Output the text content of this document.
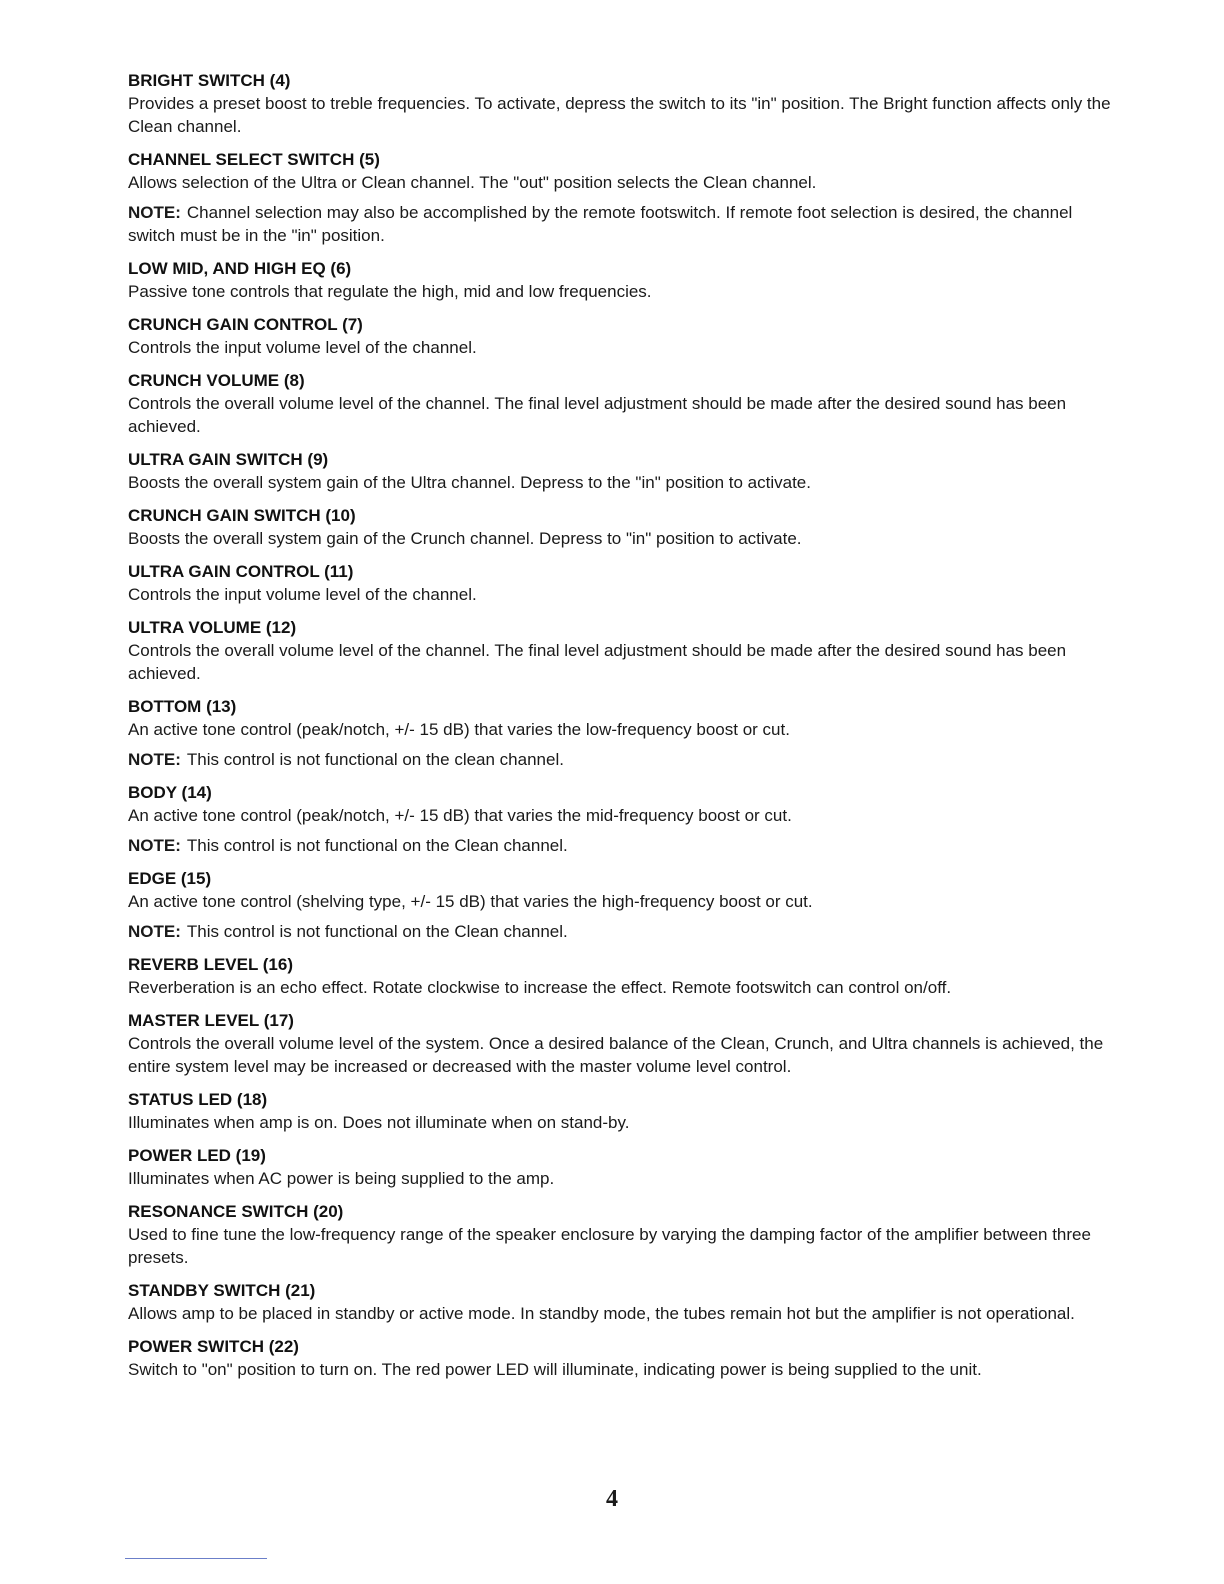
BRIGHT SWITCH (4)
Provides a preset boost to treble frequencies. To activate, depress the switch to its "in" position. The Bright function affects only the Clean channel.
CHANNEL SELECT SWITCH (5)
Allows selection of the Ultra or Clean channel. The "out" position selects the Clean channel.
NOTE: Channel selection may also be accomplished by the remote footswitch. If remote foot selection is desired, the channel switch must be in the "in" position.
LOW MID, AND HIGH EQ (6)
Passive tone controls that regulate the high, mid and low frequencies.
CRUNCH GAIN CONTROL (7)
Controls the input volume level of the channel.
CRUNCH VOLUME (8)
Controls the overall volume level of the channel. The final level adjustment should be made after the desired sound has been achieved.
ULTRA GAIN SWITCH (9)
Boosts the overall system gain of the Ultra channel. Depress to the "in" position to activate.
CRUNCH GAIN SWITCH (10)
Boosts the overall system gain of the Crunch channel. Depress to "in" position to activate.
ULTRA GAIN CONTROL (11)
Controls the input volume level of the channel.
ULTRA VOLUME (12)
Controls the overall volume level of the channel. The final level adjustment should be made after the desired sound has been achieved.
BOTTOM (13)
An active tone control (peak/notch, +/- 15 dB) that varies the low-frequency boost or cut.
NOTE: This control is not functional on the clean channel.
BODY (14)
An active tone control (peak/notch, +/- 15 dB) that varies the mid-frequency boost or cut.
NOTE: This control is not functional on the Clean channel.
EDGE (15)
An active tone control (shelving type, +/- 15 dB) that varies the high-frequency boost or cut.
NOTE: This control is not functional on the Clean channel.
REVERB LEVEL (16)
Reverberation is an echo effect. Rotate clockwise to increase the effect. Remote footswitch can control on/off.
MASTER LEVEL (17)
Controls the overall volume level of the system. Once a desired balance of the Clean, Crunch, and Ultra channels is achieved, the entire system level may be increased or decreased with the master volume level control.
STATUS LED (18)
Illuminates when amp is on. Does not illuminate when on stand-by.
POWER LED (19)
Illuminates when AC power is being supplied to the amp.
RESONANCE SWITCH (20)
Used to fine tune the low-frequency range of the speaker enclosure by varying the damping factor of the amplifier between three presets.
STANDBY SWITCH (21)
Allows amp to be placed in standby or active mode. In standby mode, the tubes remain hot but the amplifier is not operational.
POWER SWITCH (22)
Switch to "on" position to turn on. The red power LED will illuminate, indicating power is being supplied to the unit.
4
